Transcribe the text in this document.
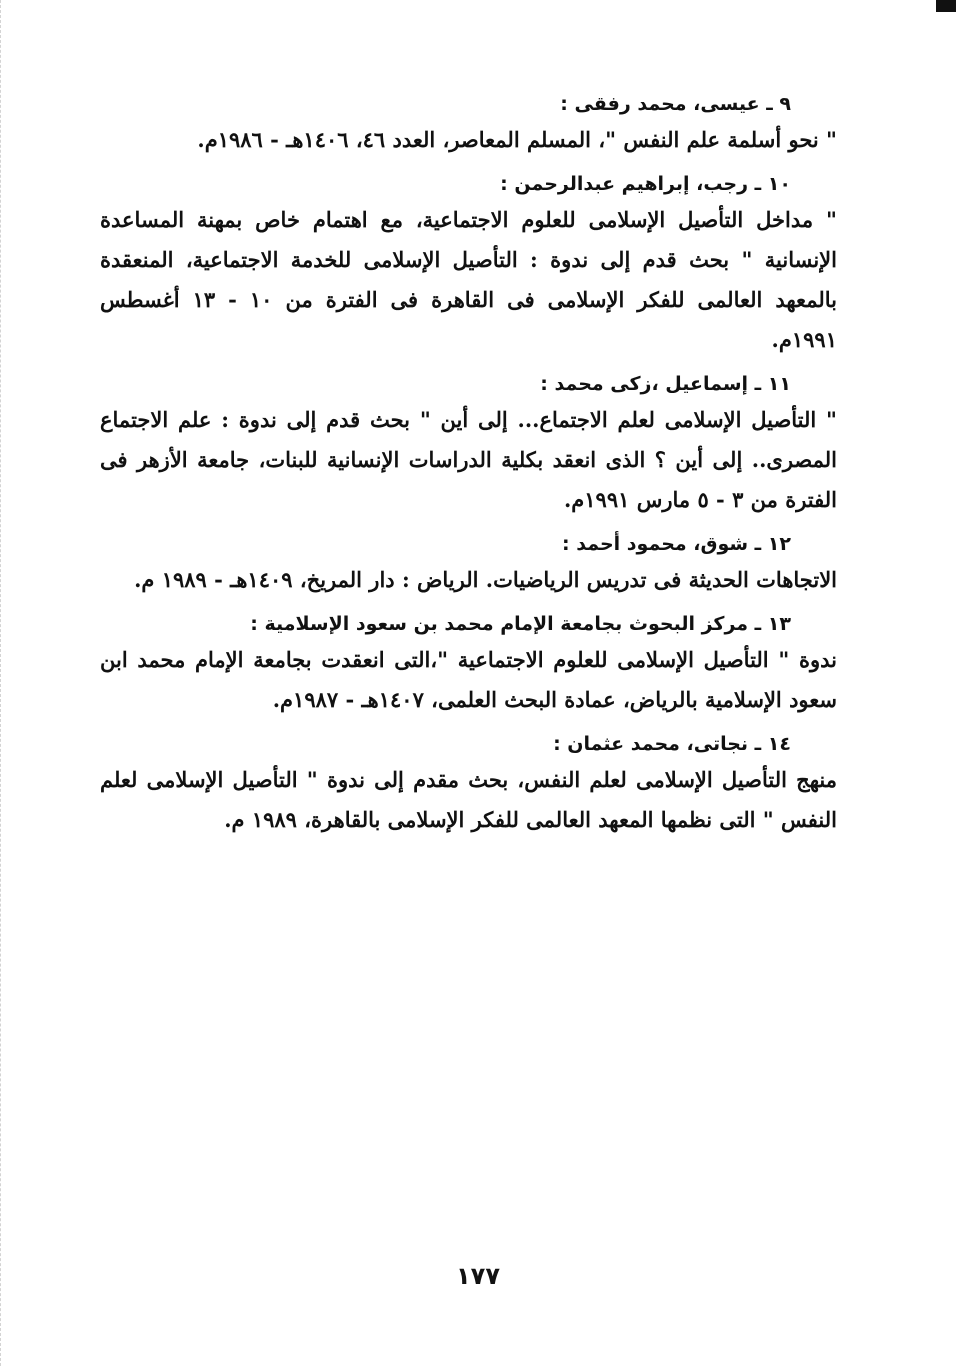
٩ ـ عيسى، محمد رفقى :
" نحو أسلمة علم النفس "، المسلم المعاصر، العدد ٤٦، ١٤٠٦هـ - ١٩٨٦م.
١٠ ـ رجب، إبراهيم عبدالرحمن :
" مداخل التأصيل الإسلامى للعلوم الاجتماعية، مع اهتمام خاص بمهنة المساعدة الإنسانية " بحث قدم إلى ندوة : التأصيل الإسلامى للخدمة الاجتماعية، المنعقدة بالمعهد العالمى للفكر الإسلامى فى القاهرة فى الفترة من ١٠ - ١٣ أغسطس ١٩٩١م.
١١ ـ إسماعيل ،زكى محمد :
" التأصيل الإسلامى لعلم الاجتماع... إلى أين " بحث قدم إلى ندوة : علم الاجتماع المصرى.. إلى أين ؟ الذى انعقد بكلية الدراسات الإنسانية للبنات، جامعة الأزهر فى الفترة من ٣ - ٥ مارس ١٩٩١م.
١٢ ـ شوق، محمود أحمد :
الاتجاهات الحديثة فى تدريس الرياضيات. الرياض : دار المريخ، ١٤٠٩هـ - ١٩٨٩ م.
١٣ ـ مركز البحوث بجامعة الإمام محمد بن سعود الإسلامية :
ندوة " التأصيل الإسلامى للعلوم الاجتماعية "،التى انعقدت بجامعة الإمام محمد ابن سعود الإسلامية بالرياض، عمادة البحث العلمى، ١٤٠٧هـ - ١٩٨٧م.
١٤ ـ نجاتى، محمد عثمان :
منهج التأصيل الإسلامى لعلم النفس، بحث مقدم إلى ندوة " التأصيل الإسلامى لعلم النفس " التى نظمها المعهد العالمى للفكر الإسلامى بالقاهرة، ١٩٨٩ م.
١٧٧
